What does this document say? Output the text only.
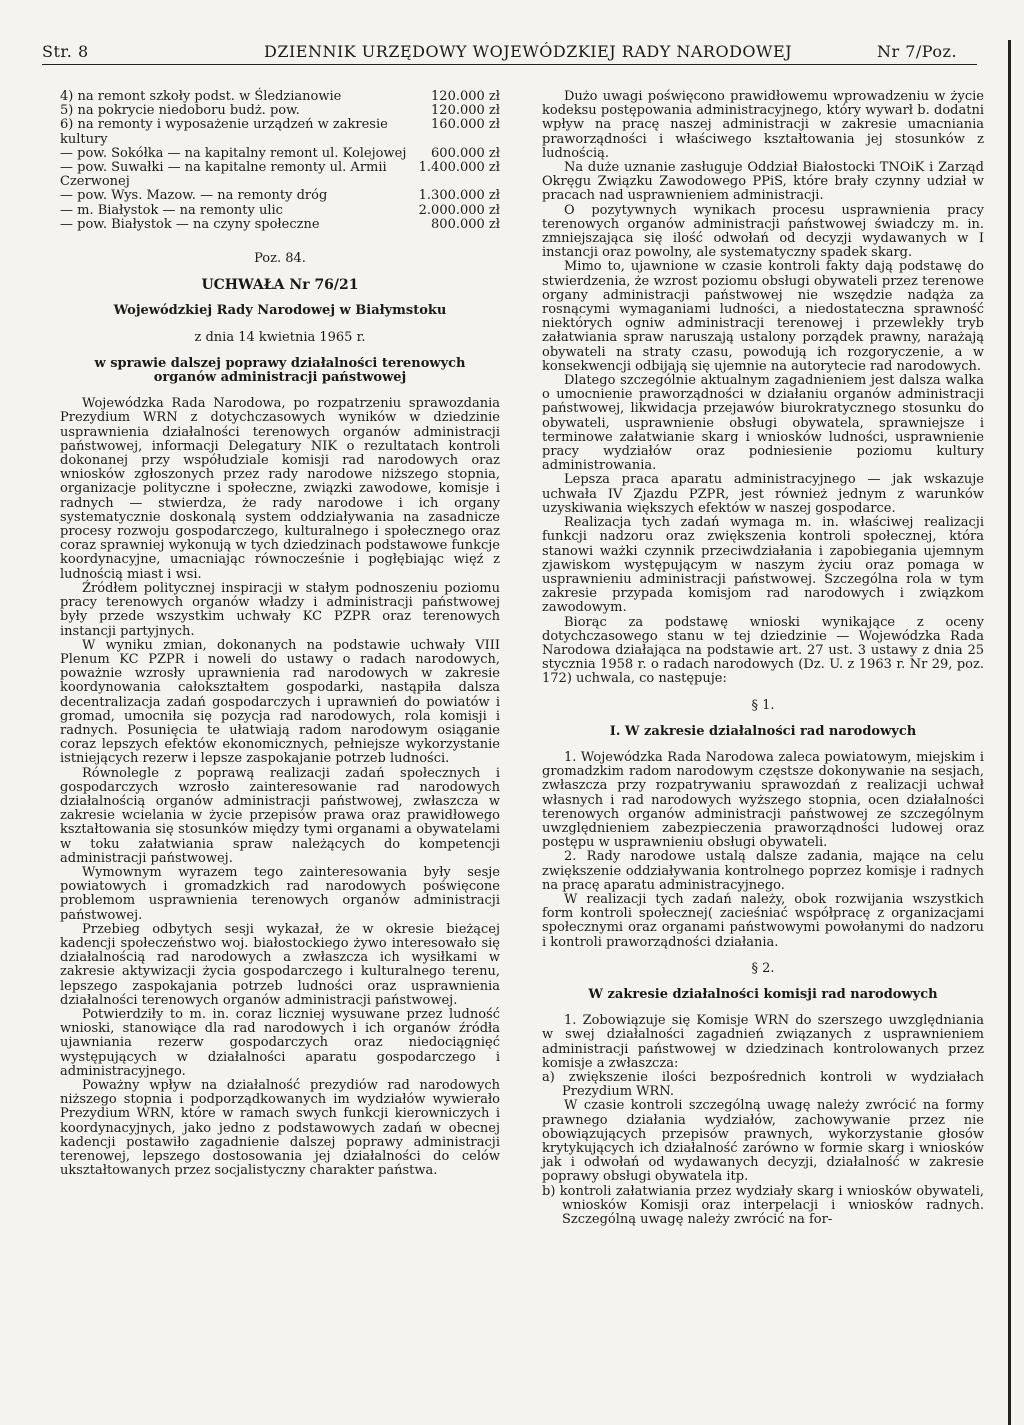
Str. 8	DZIENNIK URZĘDOWY WOJEWÓDZKIEJ RADY NARODOWEJ	Nr 7/Poz.
4) na remont szkoły podst. w Śledzianowie	120.000 zł
5) na pokrycie niedoboru budż. pow.	120.000 zł
6) na remonty i wyposażenie urządzeń w zakresie kultury
160.000 zł
— pow. Sokółka — na kapitalny remont ul. Kolejowej 600.000 zł
— pow. Suwałki — na kapitalne remonty ul. Armii Czerwonej
1.400.000 zł
— pow. Wys. Mazow. — na remonty dróg	1.300.000 zł
— m. Białystok — na remonty ulic	2.000.000 zł
— pow. Białystok — na czyny społeczne	800.000 zł

Poz. 84.

UCHWAŁA Nr 76/21

Wojewódzkiej Rady Narodowej w Białymstoku

z dnia 14 kwietnia 1965 r.

w sprawie dalszej poprawy działalności terenowych organów administracji państwowej

Wojewódzka Rada Narodowa, po rozpatrzeniu sprawozdania Prezydium WRN z dotychczasowych wyników w dziedzinie usprawnienia działalności terenowych organów administracji państwowej, informacji Delegatury NIK o rezultatach kontroli dokonanej przy współudziale komisji rad narodowych oraz wniosków zgłoszonych przez rady narodowe niższego stopnia, organizacje polityczne i społeczne, związki zawodowe, komisje i radnych — stwierdza, że rady narodowe i ich organy systematycznie doskonalą system oddziaływania na zasadnicze procesy rozwoju gospodarczego, kulturalnego i społecznego oraz coraz sprawniej wykonują w tych dziedzinach podstawowe funkcje koordynacyjne, umacniając równocześnie i pogłębiając więź z ludnością miast i wsi.

Źródłem politycznej inspiracji w stałym podnoszeniu poziomu pracy terenowych organów władzy i administracji państwowej były przede wszystkim uchwały KC PZPR oraz terenowych instancji partyjnych.

W wyniku zmian, dokonanych na podstawie uchwały VIII Plenum KC PZPR i noweli do ustawy o radach narodowych, poważnie wzrosły uprawnienia rad narodowych w zakresie koordynowania całokształtem gospodarki, nastąpiła dalsza decentralizacja zadań gospodarczych i uprawnień do powiatów i gromad, umocniła się pozycja rad narodowych, rola komisji i radnych. Posunięcia te ułatwiają radom narodowym osiąganie coraz lepszych efektów ekonomicznych, pełniejsze wykorzystanie istniejących rezerw i lepsze zaspokajanie potrzeb ludności.

Równolegle z poprawą realizacji zadań społecznych i gospodarczych wzrosło zainteresowanie rad narodowych działalnością organów administracji państwowej, zwłaszcza w zakresie wcielania w życie przepisów prawa oraz prawidłowego kształtowania się stosunków między tymi organami a obywatelami w toku załatwiania spraw należących do kompetencji administracji państwowej.

Wymownym wyrazem tego zainteresowania były sesje powiatowych i gromadzkich rad narodowych poświęcone problemom usprawnienia terenowych organów administracji państwowej.

Przebieg odbytych sesji wykazał, że w okresie bieżącej kadencji społeczeństwo woj. białostockiego żywo interesowało się działalnością rad narodowych a zwłaszcza ich wysiłkami w zakresie aktywizacji życia gospodarczego i kulturalnego terenu, lepszego zaspokajania potrzeb ludności oraz usprawnienia działalności terenowych organów administracji państwowej.

Potwierdziły to m. in. coraz liczniej wysuwane przez ludność wnioski, stanowiące dla rad narodowych i ich organów źródła ujawniania rezerw gospodarczych oraz niedociągnięć występujących w działalności aparatu gospodarczego i administracyjnego.

Poważny wpływ na działalność prezydiów rad narodowych niższego stopnia i podporządkowanych im wydziałów wywierało Prezydium WRN, które w ramach swych funkcji kierowniczych i koordynacyjnych, jako jedno z podstawowych zadań w obecnej kadencji postawiło zagadnienie dalszej poprawy administracji terenowej, lepszego dostosowania jej działalności do celów ukształtowanych przez socjalistyczny charakter państwa.

Dużo uwagi poświęcono prawidłowemu wprowadzeniu w życie kodeksu postępowania administracyjnego, który wywarł b. dodatni wpływ na pracę naszej administracji w zakresie umacniania praworządności i właściwego kształtowania jej stosunków z ludnością.

Na duże uznanie zasługuje Oddział Białostocki TNOiK i Zarząd Okręgu Związku Zawodowego PPiS, które brały czynny udział w pracach nad usprawnieniem administracji.

O pozytywnych wynikach procesu usprawnienia pracy terenowych organów administracji państwowej świadczy m. in. zmniejszająca się ilość odwołań od decyzji wydawanych w I instancji oraz powolny, ale systematyczny spadek skarg.

Mimo to, ujawnione w czasie kontroli fakty dają podstawę do stwierdzenia, że wzrost poziomu obsługi obywateli przez terenowe organy administracji państwowej nie wszędzie nadąża za rosnącymi wymaganiami ludności, a niedostateczna sprawność niektórych ogniw administracji terenowej i przewlekły tryb załatwiania spraw naruszają ustalony porządek prawny, narażają obywateli na straty czasu, powodują ich rozgoryczenie, a w konsekwencji odbijają się ujemnie na autorytecie rad narodowych.

Dlatego szczególnie aktualnym zagadnieniem jest dalsza walka o umocnienie praworządności w działaniu organów administracji państwowej, likwidacja przejawów biurokratycznego stosunku do obywateli, usprawnienie obsługi obywatela, sprawniejsze i terminowe załatwianie skarg i wniosków ludności, usprawnienie pracy wydziałów oraz podniesienie poziomu kultury administrowania.

Lepsza praca aparatu administracyjnego — jak wskazuje uchwała IV Zjazdu PZPR, jest również jednym z warunków uzyskiwania większych efektów w naszej gospodarce.

Realizacja tych zadań wymaga m. in. właściwej realizacji funkcji nadzoru oraz zwiększenia kontroli społecznej, która stanowi ważki czynnik przeciwdziałania i zapobiegania ujemnym zjawiskom występującym w naszym życiu oraz pomaga w usprawnieniu administracji państwowej. Szczególna rola w tym zakresie przypada komisjom rad narodowych i związkom zawodowym.

Biorąc za podstawę wnioski wynikające z oceny dotychczasowego stanu w tej dziedzinie — Wojewódzka Rada Narodowa działająca na podstawie art. 27 ust. 3 ustawy z dnia 25 stycznia 1958 r. o radach narodowych (Dz. U. z 1963 r. Nr 29, poz. 172) uchwala, co następuje:

§ 1.

I. W zakresie działalności rad narodowych

1. Wojewódzka Rada Narodowa zaleca powiatowym, miejskim i gromadzkim radom narodowym częstsze dokonywanie na sesjach, zwłaszcza przy rozpatrywaniu sprawozdań z realizacji uchwał własnych i rad narodowych wyższego stopnia, ocen działalności terenowych organów administracji państwowej ze szczególnym uwzględnieniem zabezpieczenia praworządności ludowej oraz postępu w usprawnieniu obsługi obywateli.

2. Rady narodowe ustalą dalsze zadania, mające na celu zwiększenie oddziaływania kontrolnego poprzez komisje i radnych na pracę aparatu administracyjnego.

W realizacji tych zadań należy, obok rozwijania wszystkich form kontroli społecznej( zacieśniać współpracę z organizacjami społecznymi oraz organami państwowymi powołanymi do nadzoru i kontroli praworządności działania.

§ 2.

W zakresie działalności komisji rad narodowych

1. Zobowiązuje się Komisje WRN do szerszego uwzględniania w swej działalności zagadnień związanych z usprawnieniem administracji państwowej w dziedzinach kontrolowanych przez komisje a zwłaszcza:

a) zwiększenie ilości bezpośrednich kontroli w wydziałach Prezydium WRN.

W czasie kontroli szczególną uwagę należy zwrócić na formy prawnego działania wydziałów, zachowywanie przez nie obowiązujących przepisów prawnych, wykorzystanie głosów krytykujących ich działalność zarówno w formie skarg i wniosków jak i odwołań od wydawanych decyzji, działalność w zakresie poprawy obsługi obywatela itp.

b) kontroli załatwiania przez wydziały skarg i wniosków obywateli, wniosków Komisji oraz interpelacji i wniosków radnych. Szczególną uwagę należy zwrócić na for-
